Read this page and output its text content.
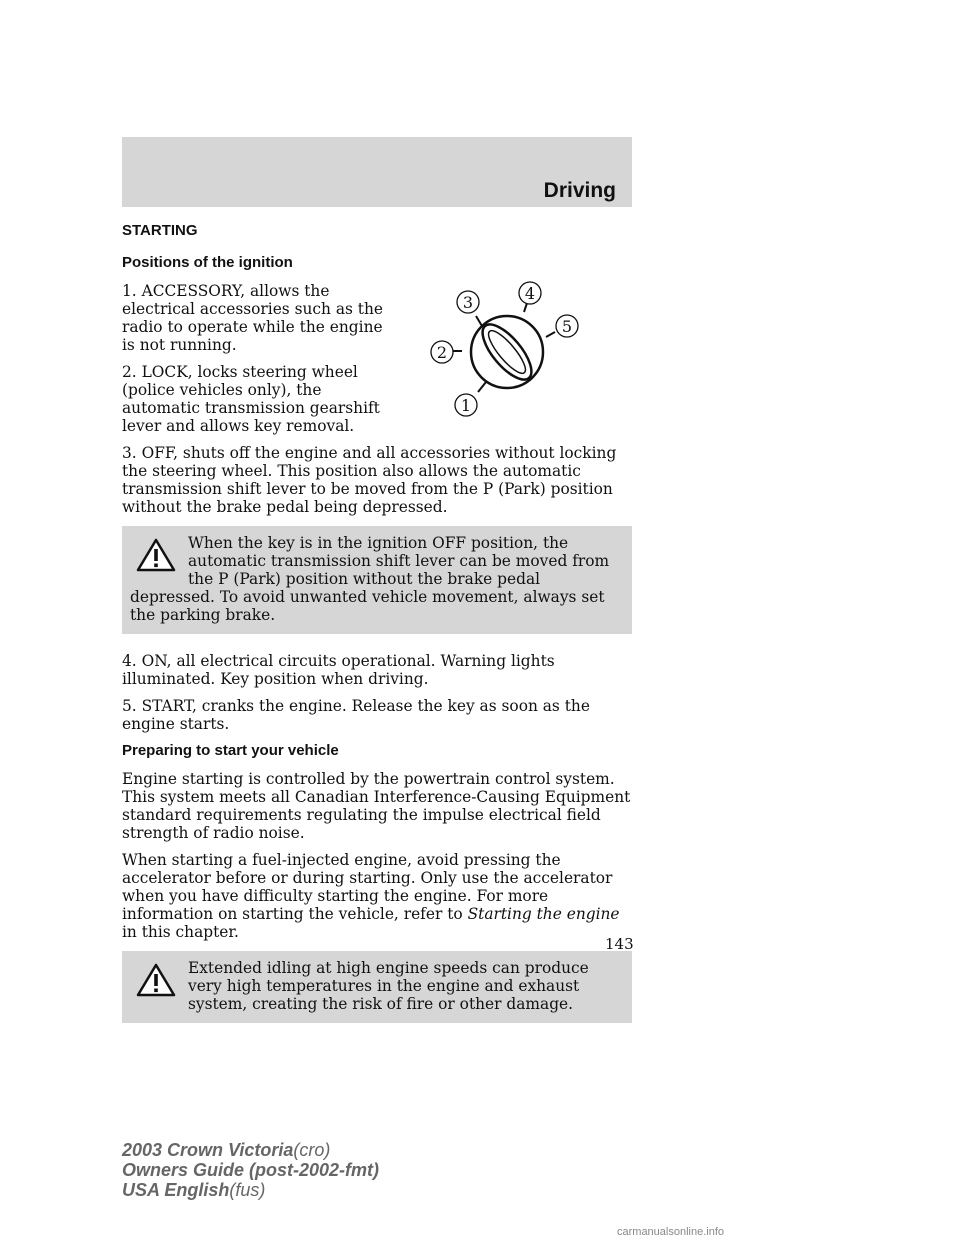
Driving
1
2
3	4
5
STARTING
Positions of the ignition

1. ACCESSORY, allows the electrical accessories such as the radio to operate while the engine is not running.

2. LOCK, locks steering wheel (police vehicles only), the automatic transmission gearshift lever and allows key removal.

3. OFF, shuts off the engine and all accessories without locking the steering wheel. This position also allows the automatic transmission shift lever to be moved from the P (Park) position without the brake pedal being depressed.

When the key is in the ignition OFF position, the automatic transmission shift lever can be moved from the P (Park) position without the brake pedal depressed. To avoid unwanted vehicle movement, always set the parking brake.

4. ON, all electrical circuits operational. Warning lights illuminated. Key position when driving.

5. START, cranks the engine. Release the key as soon as the engine starts.

Preparing to start your vehicle

Engine starting is controlled by the powertrain control system. This system meets all Canadian Interference-Causing Equipment standard requirements regulating the impulse electrical field strength of radio noise.

When starting a fuel-injected engine, avoid pressing the accelerator before or during starting. Only use the accelerator when you have difficulty starting the engine. For more information on starting the vehicle, refer to Starting the engine in this chapter.

Extended idling at high engine speeds can produce very high temperatures in the engine and exhaust system, creating the risk of fire or other damage.

143
2003 Crown Victoria(cro)
Owners Guide (post-2002-fmt)
USA English(fus)
carmanualsonline.info
